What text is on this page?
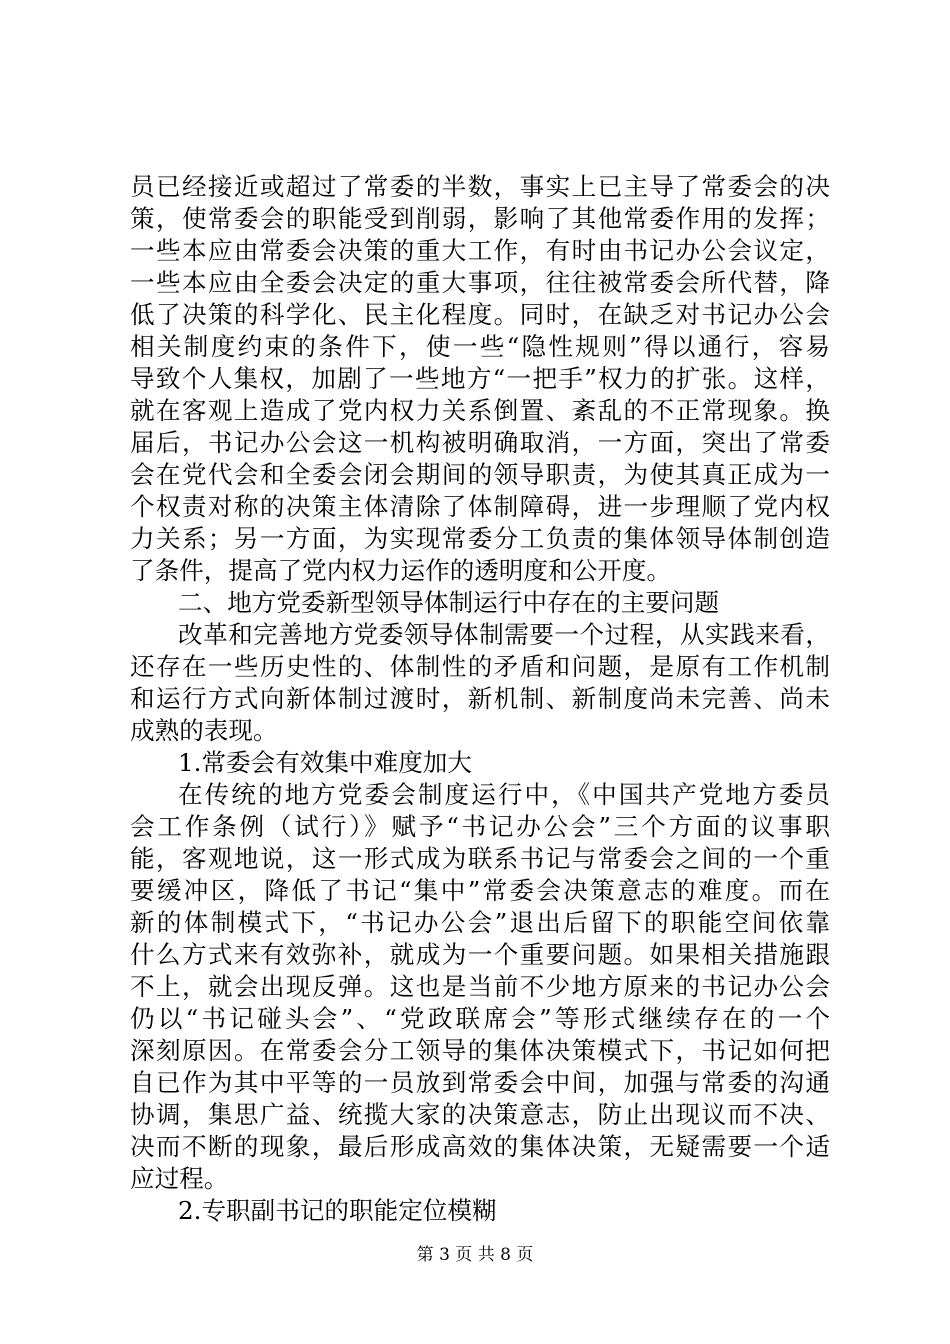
员已经接近或超过了常委的半数，事实上已主导了常委会的决
策，使常委会的职能受到削弱，影响了其他常委作用的发挥；
一些本应由常委会决策的重大工作，有时由书记办公会议定，
一些本应由全委会决定的重大事项，往往被常委会所代替，降
低了决策的科学化、民主化程度。同时，在缺乏对书记办公会
相关制度约束的条件下，使一些“隐性规则”得以通行，容易
导致个人集权，加剧了一些地方“一把手”权力的扩张。这样，
就在客观上造成了党内权力关系倒置、紊乱的不正常现象。换
届后，书记办公会这一机构被明确取消，一方面，突出了常委
会在党代会和全委会闭会期间的领导职责，为使其真正成为一
个权责对称的决策主体清除了体制障碍，进一步理顺了党内权
力关系；另一方面，为实现常委分工负责的集体领导体制创造
了条件，提高了党内权力运作的透明度和公开度。
二、地方党委新型领导体制运行中存在的主要问题
改革和完善地方党委领导体制需要一个过程，从实践来看，
还存在一些历史性的、体制性的矛盾和问题，是原有工作机制
和运行方式向新体制过渡时，新机制、新制度尚未完善、尚未
成熟的表现。
1.常委会有效集中难度加大
在传统的地方党委会制度运行中，《中国共产党地方委员
会工作条例（试行）》赋予“书记办公会”三个方面的议事职
能，客观地说，这一形式成为联系书记与常委会之间的一个重
要缓冲区，降低了书记“集中”常委会决策意志的难度。而在
新的体制模式下，“书记办公会”退出后留下的职能空间依靠
什么方式来有效弥补，就成为一个重要问题。如果相关措施跟
不上，就会出现反弹。这也是当前不少地方原来的书记办公会
仍以“书记碰头会”、“党政联席会”等形式继续存在的一个
深刻原因。在常委会分工领导的集体决策模式下，书记如何把
自已作为其中平等的一员放到常委会中间，加强与常委的沟通
协调，集思广益、统揽大家的决策意志，防止出现议而不决、
决而不断的现象，最后形成高效的集体决策，无疑需要一个适
应过程。
2.专职副书记的职能定位模糊
第 3 页 共 8 页
